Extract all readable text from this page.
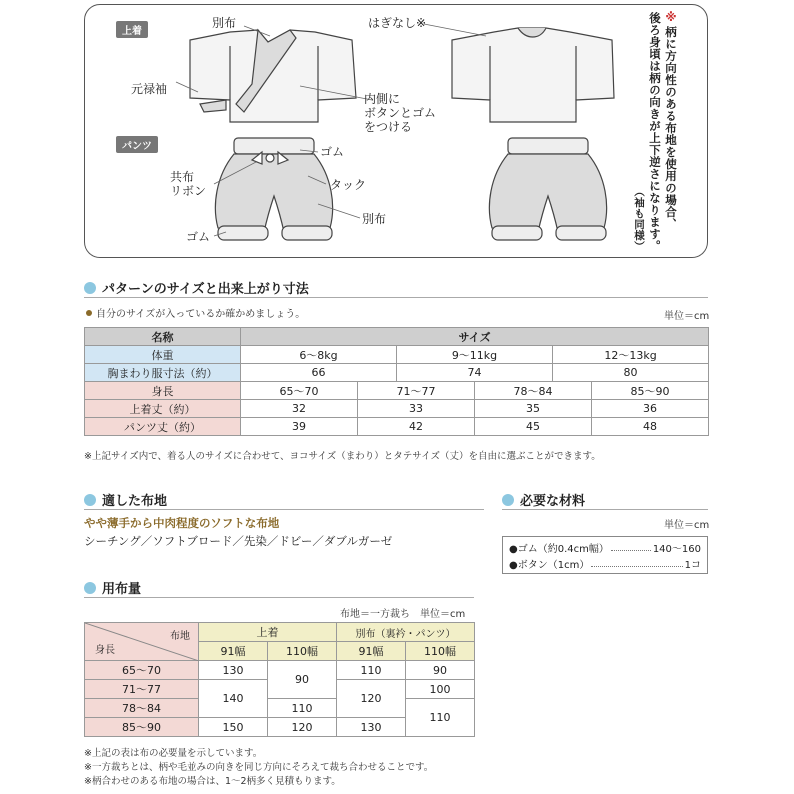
上着
パンツ
別布
元禄袖
はぎなし※
内側に
ボタンとゴム
をつける
ゴム
共布
リボン	タック
別布
ゴム
※
柄に方向性のある布地を使用の場合、
後ろ身頃は柄の向きが上下逆さになります。
（袖も同様）
パターンのサイズと出来上がり寸法
自分のサイズが入っているか確かめましょう。	単位＝cm
名称	サイズ					
体重	6～8kg		9～11kg		12～13kg	
胸まわり服寸法（約）	66		74		80	
身長	65～70	71～77		78～84		85～90
上着丈（約）	32	33		35		36
パンツ丈（約）	39	42		45		48
※上記サイズ内で、着る人のサイズに合わせて、ヨコサイズ（まわり）とタテサイズ（丈）を自由に選ぶことができます。
適した布地
やや薄手から中肉程度のソフトな布地
シーチング／ソフトブロード／先染／ドビー／ダブルガーゼ
必要な材料
単位＝cm
●ゴム（約0.4cm幅）	140～160
●ボタン（1cm）	1コ
用布量
布地＝一方裁ち　単位＝cm
布地
身長	上着		別布（裏衿・パンツ）	
	91幅	110幅	91幅	110幅
65～70	130	90	110	90
71～77	140		120	100
78～84		110		110
85～90	150	120	130	
※上記の表は布の必要量を示しています。
※一方裁ちとは、柄や毛並みの向きを同じ方向にそろえて裁ち合わせることです。
※柄合わせのある布地の場合は、1～2柄多く見積もります。
